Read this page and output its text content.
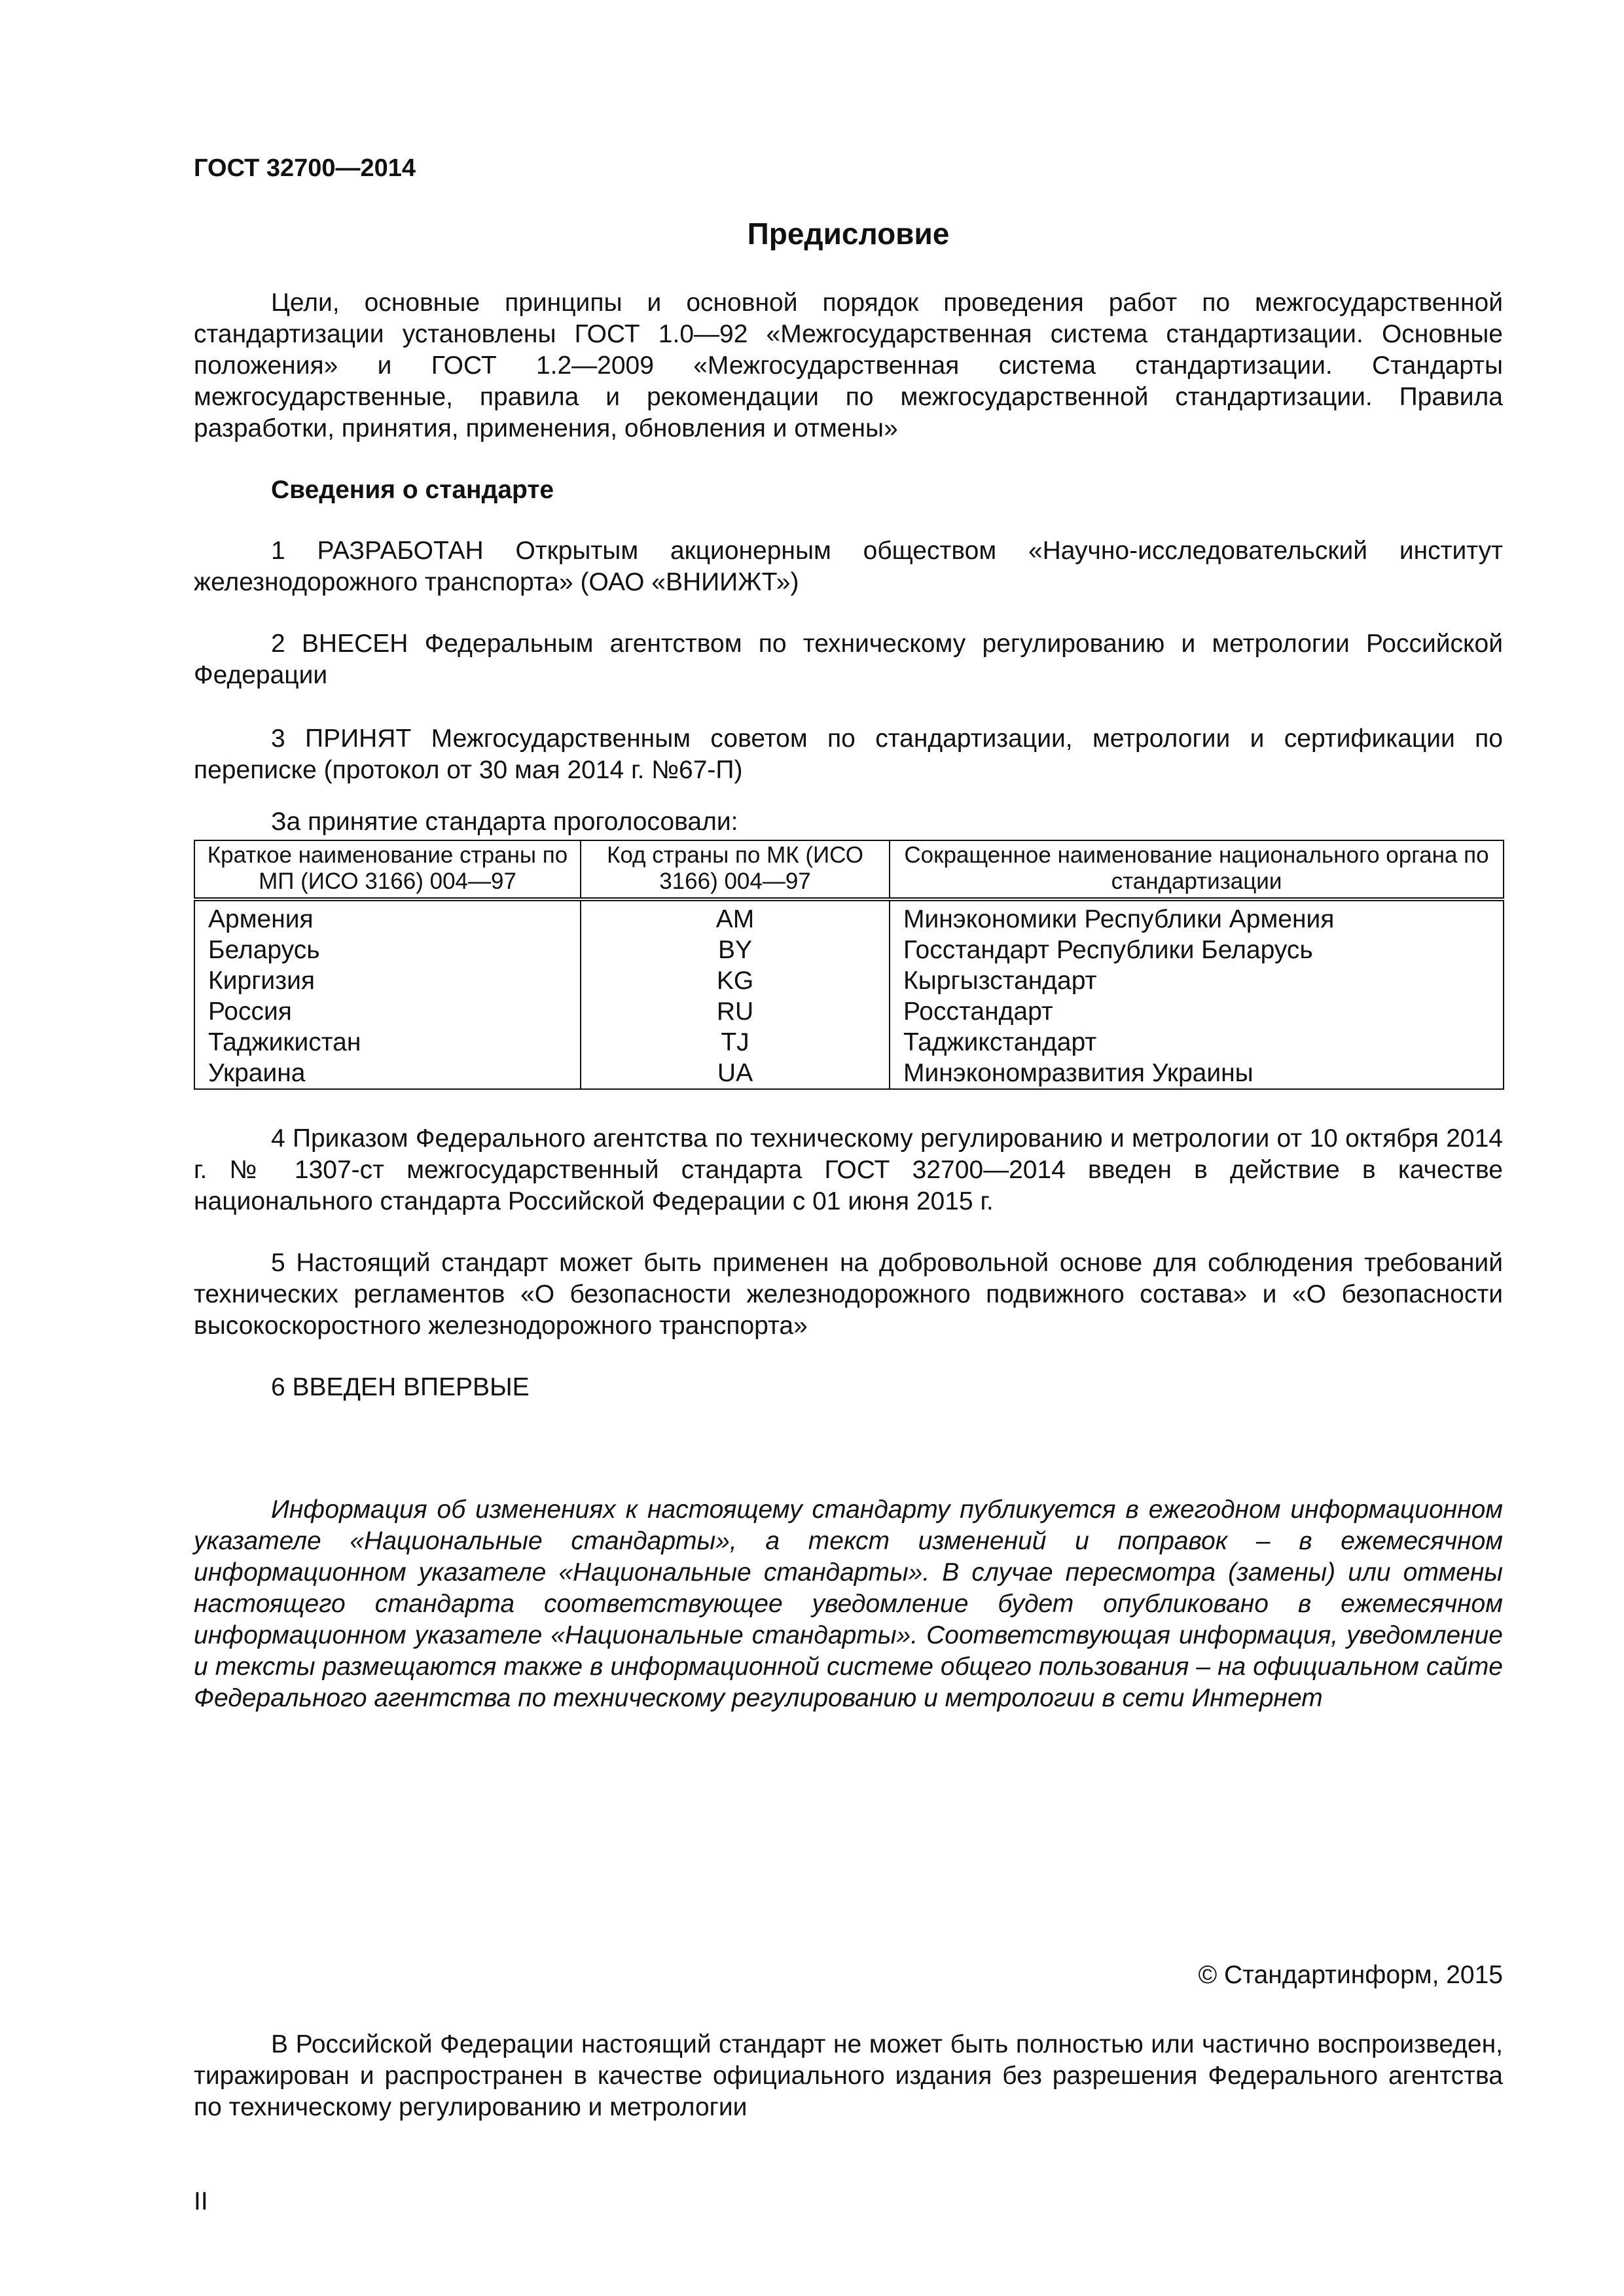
ГОСТ 32700—2014

Предисловие

Цели, основные принципы и основной порядок проведения работ по межгосударственной стандартизации установлены ГОСТ 1.0—92 «Межгосударственная система стандартизации. Основные положения» и ГОСТ 1.2—2009 «Межгосударственная система стандартизации. Стандарты межгосударственные, правила и рекомендации по межгосударственной стандартизации. Правила разработки, принятия, применения, обновления и отмены»

Сведения о стандарте

1 РАЗРАБОТАН Открытым акционерным обществом «Научно-исследовательский институт железнодорожного транспорта» (ОАО «ВНИИЖТ»)

2 ВНЕСЕН Федеральным агентством по техническому регулированию и метрологии Российской Федерации

3 ПРИНЯТ Межгосударственным советом по стандартизации, метрологии и сертификации по переписке (протокол от 30 мая 2014 г. №67-П)

За принятие стандарта проголосовали:

Краткое наименование страны по МП (ИСО 3166) 004—97	Код страны по МК (ИСО 3166) 004—97	Сокращенное наименование национального органа по стандартизации
Армения	AM	Минэкономики Республики Армения
Беларусь	BY	Госстандарт Республики Беларусь
Киргизия	KG	Кыргызстандарт
Россия	RU	Росстандарт
Таджикистан	TJ	Таджикстандарт
Украина	UA	Минэкономразвития Украины

4 Приказом Федерального агентства по техническому регулированию и метрологии от 10 октября 2014 г. № 1307-ст межгосударственный стандарта ГОСТ 32700—2014 введен в действие в качестве национального стандарта Российской Федерации с 01 июня 2015 г.

5 Настоящий стандарт может быть применен на добровольной основе для соблюдения требований технических регламентов «О безопасности железнодорожного подвижного состава» и «О безопасности высокоскоростного железнодорожного транспорта»

6 ВВЕДЕН ВПЕРВЫЕ

Информация об изменениях к настоящему стандарту публикуется в ежегодном информационном указателе «Национальные стандарты», а текст изменений и поправок – в ежемесячном информационном указателе «Национальные стандарты». В случае пересмотра (замены) или отмены настоящего стандарта соответствующее уведомление будет опубликовано в ежемесячном информационном указателе «Национальные стандарты». Соответствующая информация, уведомление и тексты размещаются также в информационной системе общего пользования – на официальном сайте Федерального агентства по техническому регулированию и метрологии в сети Интернет

© Стандартинформ, 2015

В Российской Федерации настоящий стандарт не может быть полностью или частично воспроизведен, тиражирован и распространен в качестве официального издания без разрешения Федерального агентства по техническому регулированию и метрологии

II
